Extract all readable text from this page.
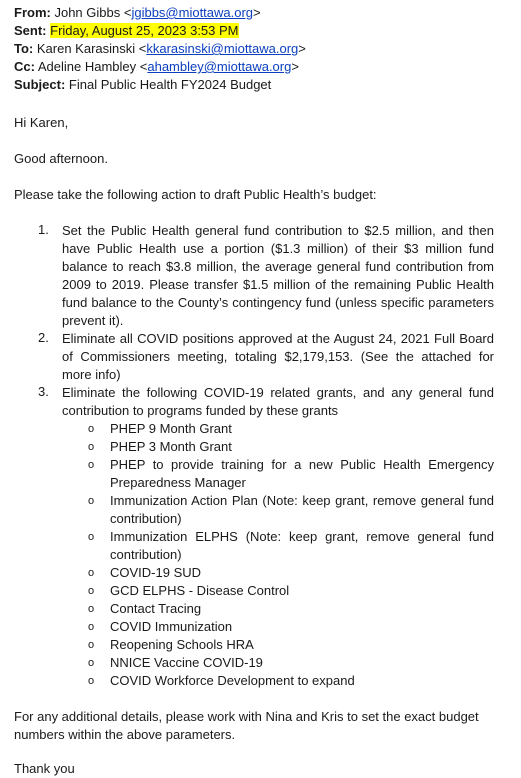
From: John Gibbs <jgibbs@miottawa.org>
Sent: Friday, August 25, 2023 3:53 PM
To: Karen Karasinski <kkarasinski@miottawa.org>
Cc: Adeline Hambley <ahambley@miottawa.org>
Subject: Final Public Health FY2024 Budget
Hi Karen,
Good afternoon.
Please take the following action to draft Public Health’s budget:
1. Set the Public Health general fund contribution to $2.5 million, and then have Public Health use a portion ($1.3 million) of their $3 million fund balance to reach $3.8 million, the average general fund contribution from 2009 to 2019. Please transfer $1.5 million of the remaining Public Health fund balance to the County’s contingency fund (unless specific parameters prevent it).
2. Eliminate all COVID positions approved at the August 24, 2021 Full Board of Commissioners meeting, totaling $2,179,153. (See the attached for more info)
3. Eliminate the following COVID-19 related grants, and any general fund contribution to programs funded by these grants
o	PHEP 9 Month Grant
o	PHEP 3 Month Grant
o	PHEP to provide training for a new Public Health Emergency Preparedness Manager
o	Immunization Action Plan (Note: keep grant, remove general fund contribution)
o	Immunization ELPHS (Note: keep grant, remove general fund contribution)
o	COVID-19 SUD
o	GCD ELPHS - Disease Control
o	Contact Tracing
o	COVID Immunization
o	Reopening Schools HRA
o	NNICE Vaccine COVID-19
o	COVID Workforce Development to expand
For any additional details, please work with Nina and Kris to set the exact budget numbers within the above parameters.
Thank you
